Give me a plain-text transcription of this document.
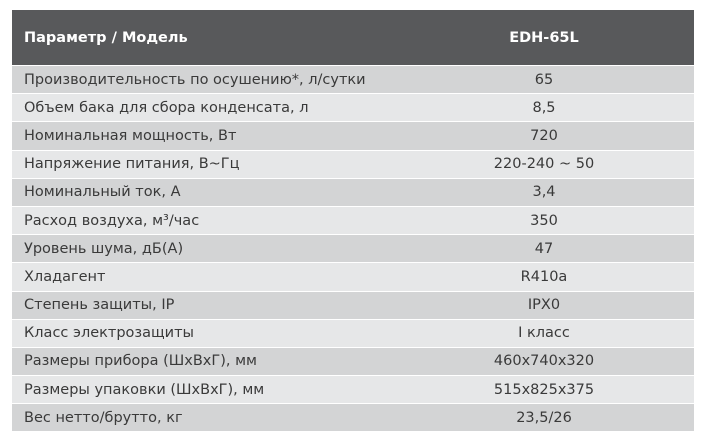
Параметр / Модель	EDH-65L
Производительность по осушению*, л/сутки	65
Объем бака для сбора конденсата, л	8,5
Номинальная мощность, Вт	720
Напряжение питания, В~Гц	220-240 ~ 50
Номинальный ток, А	3,4
Расход воздуха, м³/час	350
Уровень шума, дБ(А)	47
Хладагент	R410a
Степень защиты, IP	IPX0
Класс электрозащиты	I класс
Размеры прибора (ШхВхГ), мм	460x740x320
Размеры упаковки (ШхВхГ), мм	515x825x375
Вес нетто/брутто, кг	23,5/26
